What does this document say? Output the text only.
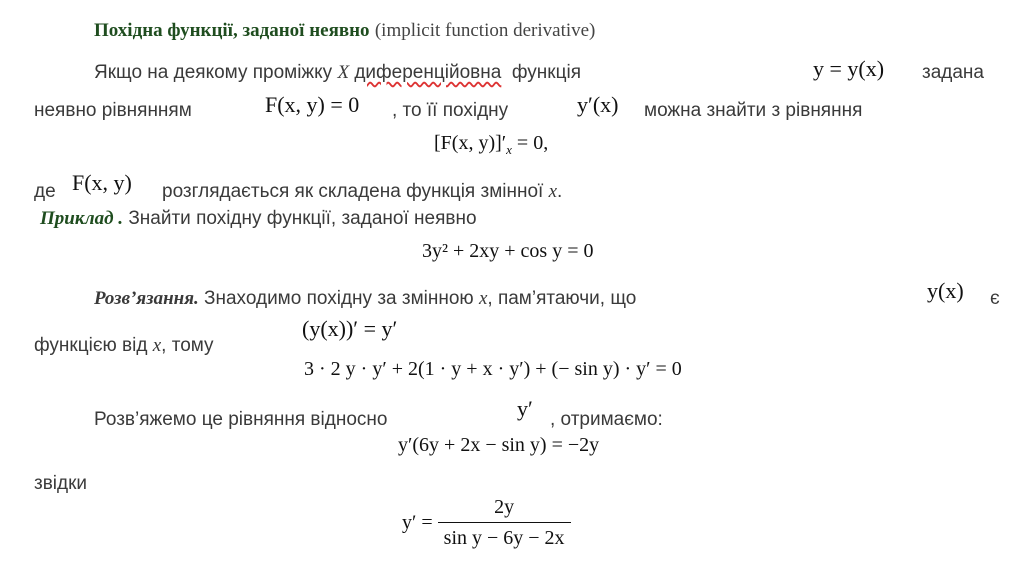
Похідна функції, заданої неявно (implicit function derivative)
Якщо на деякому проміжку X диференційовна функція	y = y(x) задана
неявно рівнянням	F(x, y) = 0 , то її похідну	y′(x) можна знайти з рівняння
[F(x, $y)]'_x = 0$,
де F(x, y) розглядається як складена функція змінної x.
Приклад . Знайти похідну функції, заданої неявно
3y² + 2xy + cos y = 0
Розв’язання. Знаходимо похідну за змінною x, пам’ятаючи, що	y(x) є
функцією від x, тому
(y(x))′ = y′
3 · 2 y · y′ + 2(1 · y + x · y′) + (− sin y) · y′ = 0
Розв’яжемо це рівняння відносно	y′ , отримаємо:
y′(6y + 2x − sin y) = −2y
звідки
$y' = \frac{2y}{\text{sin y − 6y − 2x}}$
